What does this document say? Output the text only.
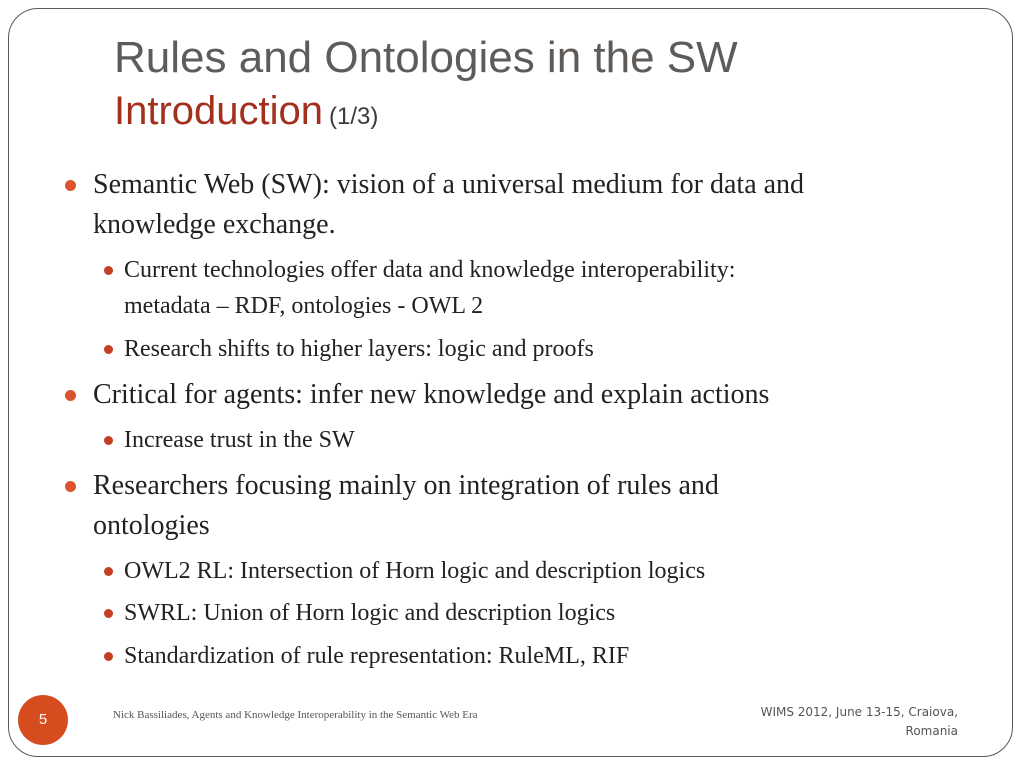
Rules and Ontologies in the SW
Introduction (1/3)
Semantic Web (SW): vision of a universal medium for data and
knowledge exchange.
Current technologies offer data and knowledge interoperability:
metadata – RDF, ontologies - OWL 2
Research shifts to higher layers: logic and proofs
Critical for agents: infer new knowledge and explain actions
Increase trust in the SW
Researchers focusing mainly on integration of rules and
ontologies
OWL2 RL: Intersection of Horn logic and description logics
SWRL: Union of Horn logic and description logics
Standardization of rule representation: RuleML, RIF
5	Nick Bassiliades, Agents and Knowledge Interoperability in the Semantic Web Era	WIMS 2012, June 13-15, Craiova,
Romania
